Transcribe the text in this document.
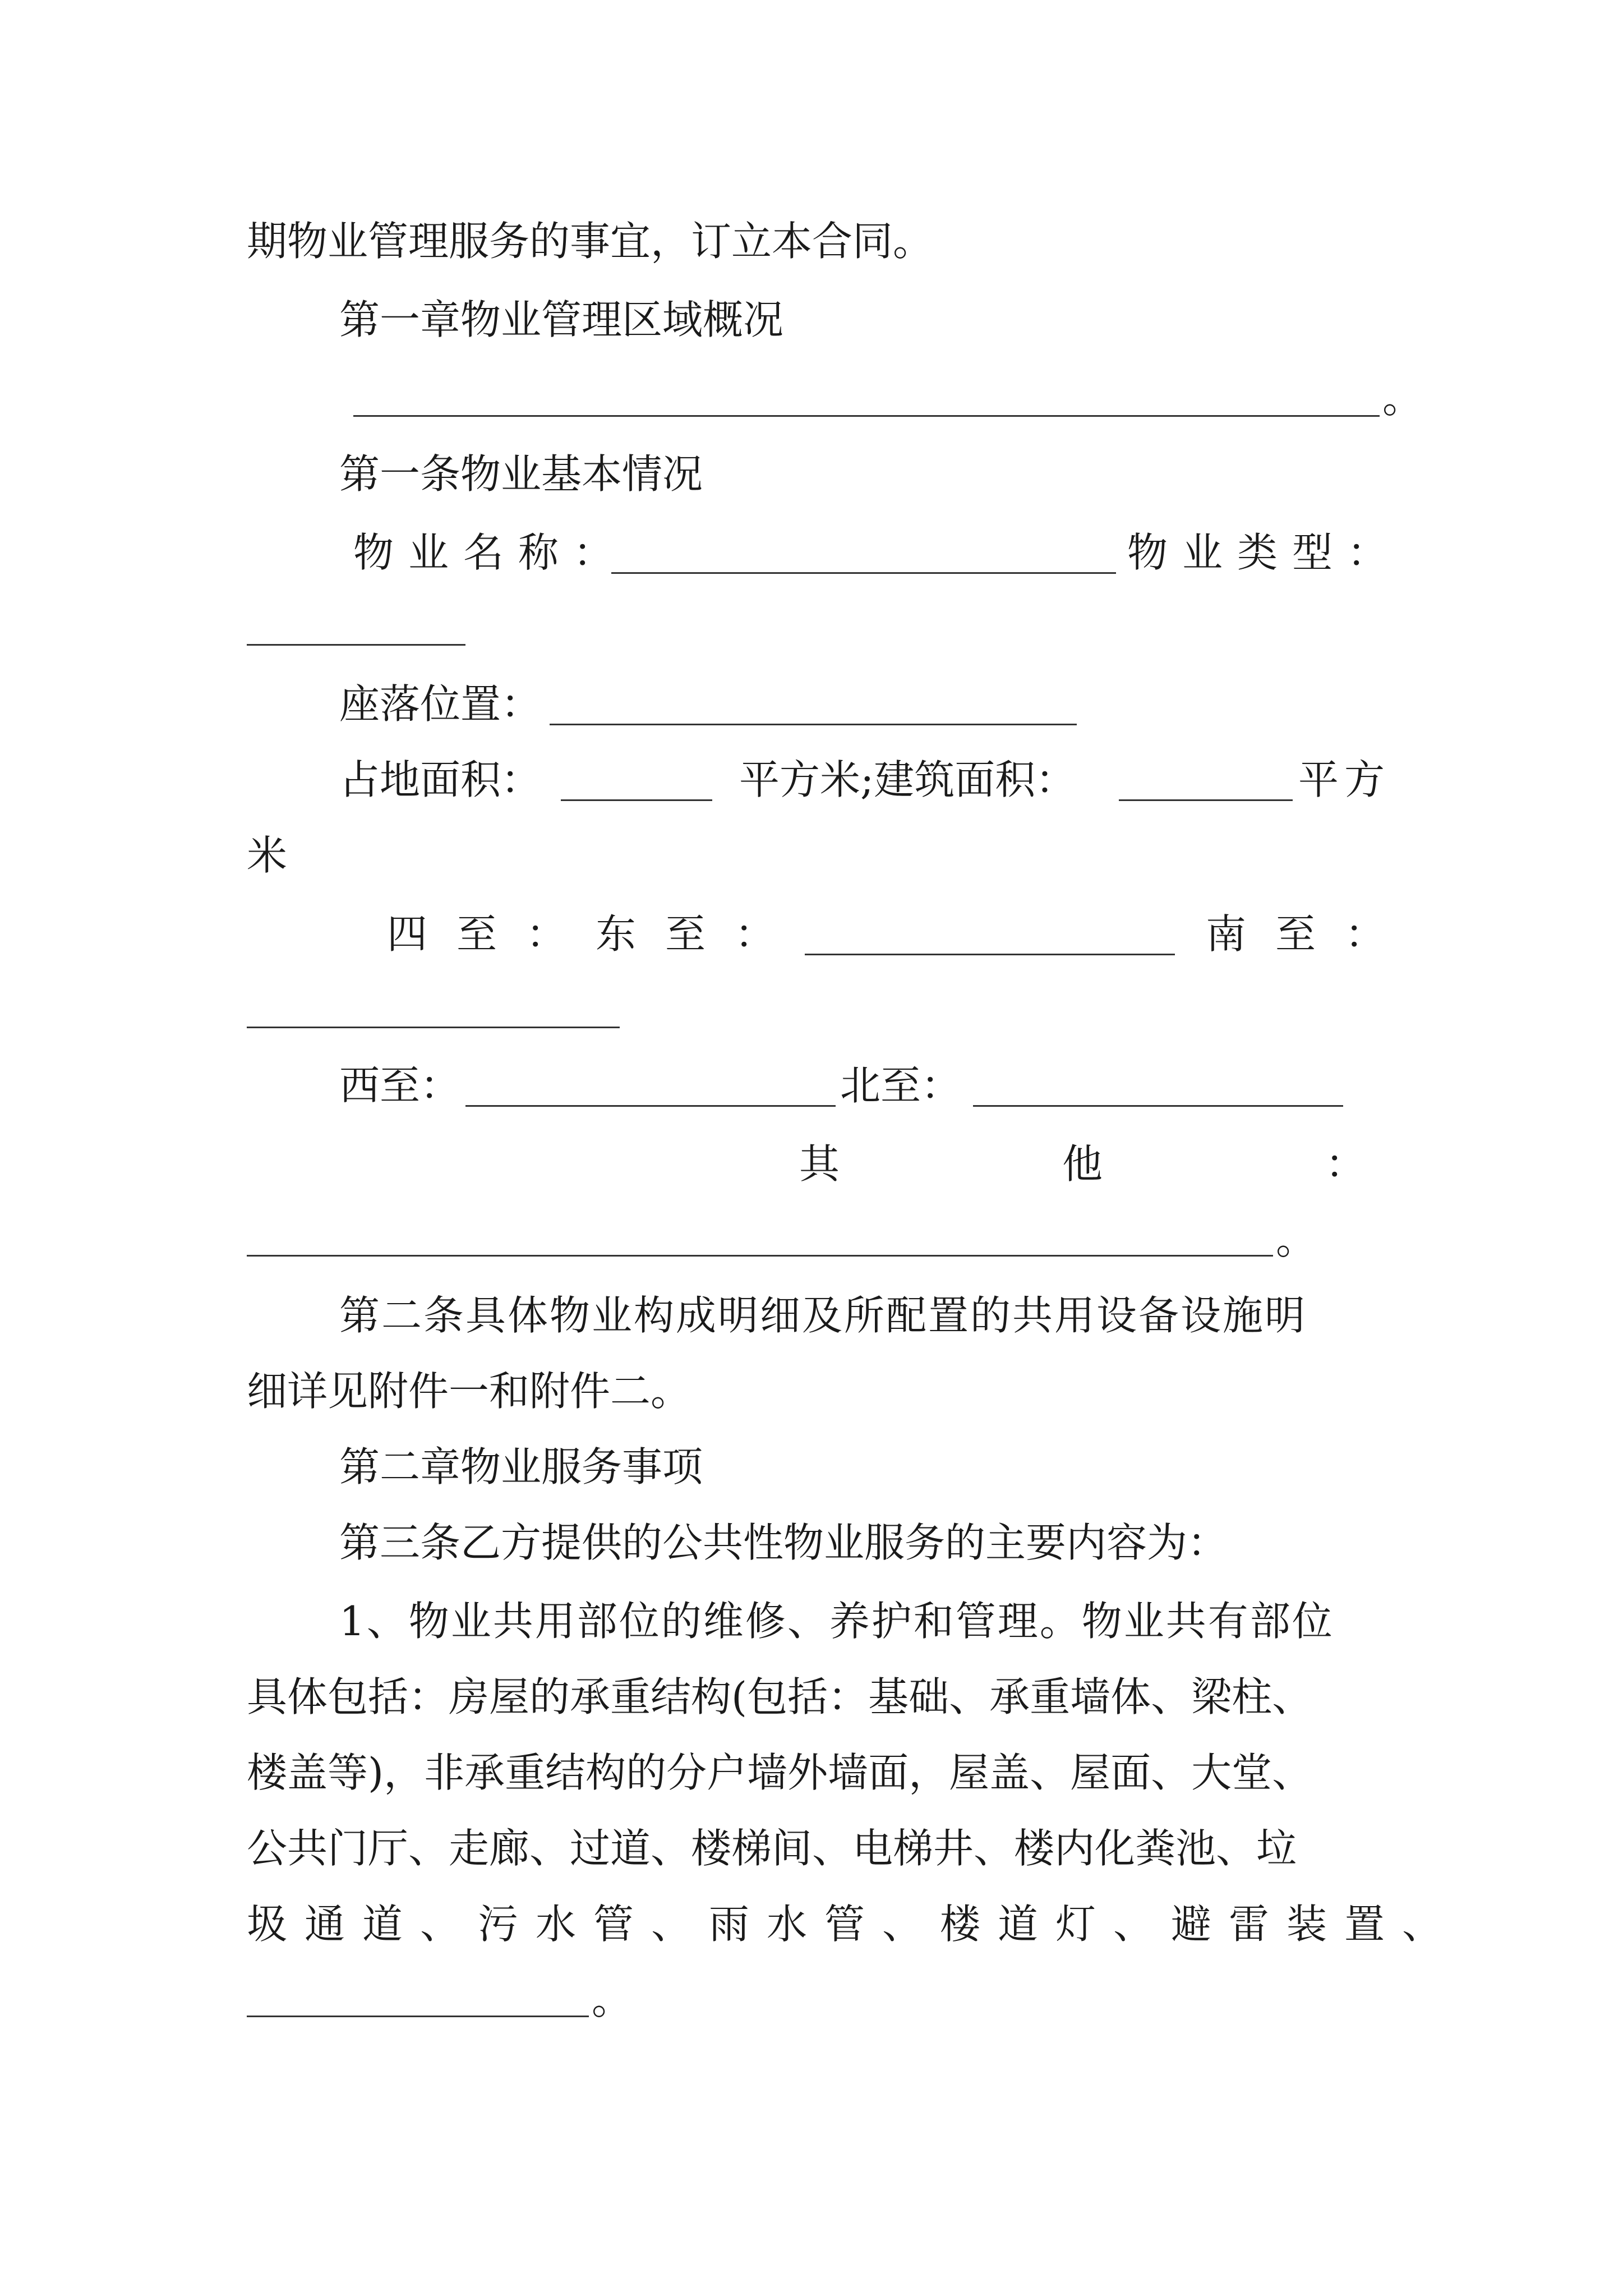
期物业管理服务的事宜，订立本合同。
第一章物业管理区域概况
。
第一条物业基本情况
物业名称：	物业类型：
座落位置：
占地面积：	平方米;建筑面积：	平方
米
四至：东至：	南至：
西至：	北至：
其	他	：
。
第二条具体物业构成明细及所配置的共用设备设施明
细详见附件一和附件二。
第二章物业服务事项
第三条乙方提供的公共性物业服务的主要内容为：
1、物业共用部位的维修、养护和管理。物业共有部位
具体包括：房屋的承重结构(包括：基础、承重墙体、梁柱、
楼盖等)，非承重结构的分户墙外墙面，屋盖、屋面、大堂、
公共门厅、走廊、过道、楼梯间、电梯井、楼内化粪池、垃
圾通道、污水管、雨水管、楼道灯、避雷装置、
。
